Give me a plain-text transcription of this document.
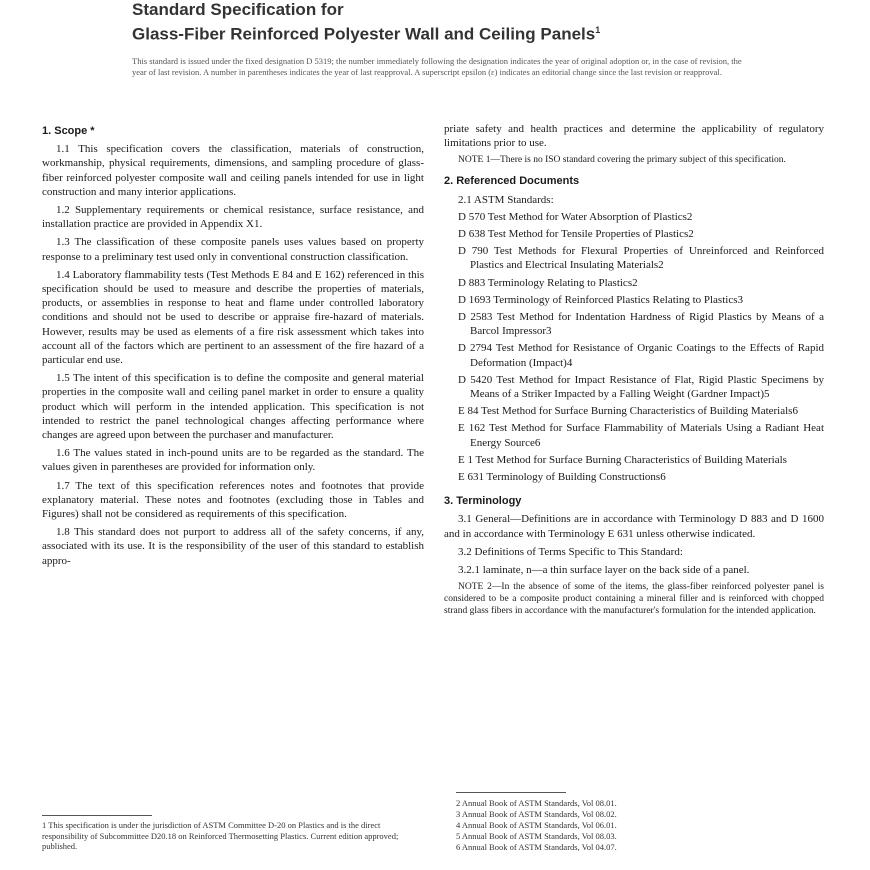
Standard Specification for
Glass-Fiber Reinforced Polyester Wall and Ceiling Panels$^1$
This standard is issued under the fixed designation D 5319; the number immediately following the designation indicates the year of original adoption or, in the case of revision, the year of last revision. A number in parentheses indicates the year of last reapproval. A superscript epsilon (ε) indicates an editorial change since the last revision or reapproval.
1. Scope *

1.1 This specification covers the classification, materials of construction, workmanship, physical requirements, dimensions, and sampling procedure of glass-fiber reinforced polyester composite wall and ceiling panels intended for use in light construction and many interior applications.

1.2 Supplementary requirements or chemical resistance, surface resistance, and installation practice are provided in Appendix X1.

1.3 The classification of these composite panels uses values based on property response to a preliminary test used only in conventional construction classification.

1.4 Laboratory flammability tests (Test Methods E 84 and E 162) referenced in this specification should be used to measure and describe the properties of materials, products, or assemblies in response to heat and flame under controlled laboratory conditions and should not be used to describe or appraise fire-hazard of materials. However, results may be used as elements of a fire risk assessment which takes into account all of the factors which are pertinent to an assessment of the fire hazard of a particular end use.

1.5 The intent of this specification is to define the composite and general material properties in the composite wall and ceiling panel market in order to ensure a quality product which will perform in the intended application. This specification is not intended to restrict the panel technological changes affecting performance where changes are agreed upon between the purchaser and manufacturer.

1.6 The values stated in inch-pound units are to be regarded as the standard. The values given in parentheses are provided for information only.

1.7 The text of this specification references notes and footnotes that provide explanatory material. These notes and footnotes (excluding those in Tables and Figures) shall not be considered as requirements of this specification.

1.8 This standard does not purport to address all of the safety concerns, if any, associated with its use. It is the responsibility of the user of this standard to establish appro-

1 This specification is under the jurisdiction of ASTM Committee D-20 on Plastics and is the direct responsibility of Subcommittee D20.18 on Reinforced Thermosetting Plastics. Current edition approved; published.

priate safety and health practices and determine the applicability of regulatory limitations prior to use.

NOTE 1—There is no ISO standard covering the primary subject of this specification.
2. Referenced Documents
2.1 ASTM Standards:
D 570 Test Method for Water Absorption of Plastics2
D 638 Test Method for Tensile Properties of Plastics2
D 790 Test Methods for Flexural Properties of Unreinforced and Reinforced Plastics and Electrical Insulating Materials2
D 883 Terminology Relating to Plastics2
D 1693 Terminology of Reinforced Plastics Relating to Plastics3
D 2583 Test Method for Indentation Hardness of Rigid Plastics by Means of a Barcol Impressor3
D 2794 Test Method for Resistance of Organic Coatings to the Effects of Rapid Deformation (Impact)4
D 5420 Test Method for Impact Resistance of Flat, Rigid Plastic Specimens by Means of a Striker Impacted by a Falling Weight (Gardner Impact)5
E 84 Test Method for Surface Burning Characteristics of Building Materials6
E 162 Test Method for Surface Flammability of Materials Using a Radiant Heat Energy Source6
E 1 Test Method for Surface Burning Characteristics of Building Materials
E 631 Terminology of Building Constructions6
3. Terminology

3.1 General—Definitions are in accordance with Terminology D 883 and D 1600 and in accordance with Terminology E 631 unless otherwise indicated.

3.2 Definitions of Terms Specific to This Standard:

3.2.1 laminate, n—a thin surface layer on the back side of a panel.

NOTE 2—In the absence of some of the items, the glass-fiber reinforced polyester panel is considered to be a composite product containing a mineral filler and is reinforced with chopped strand glass fibers in accordance with the manufacturer's formulation for the intended application.
2 Annual Book of ASTM Standards, Vol 08.01.
3 Annual Book of ASTM Standards, Vol 08.02.
4 Annual Book of ASTM Standards, Vol 06.01.
5 Annual Book of ASTM Standards, Vol 08.03.
6 Annual Book of ASTM Standards, Vol 04.07.
